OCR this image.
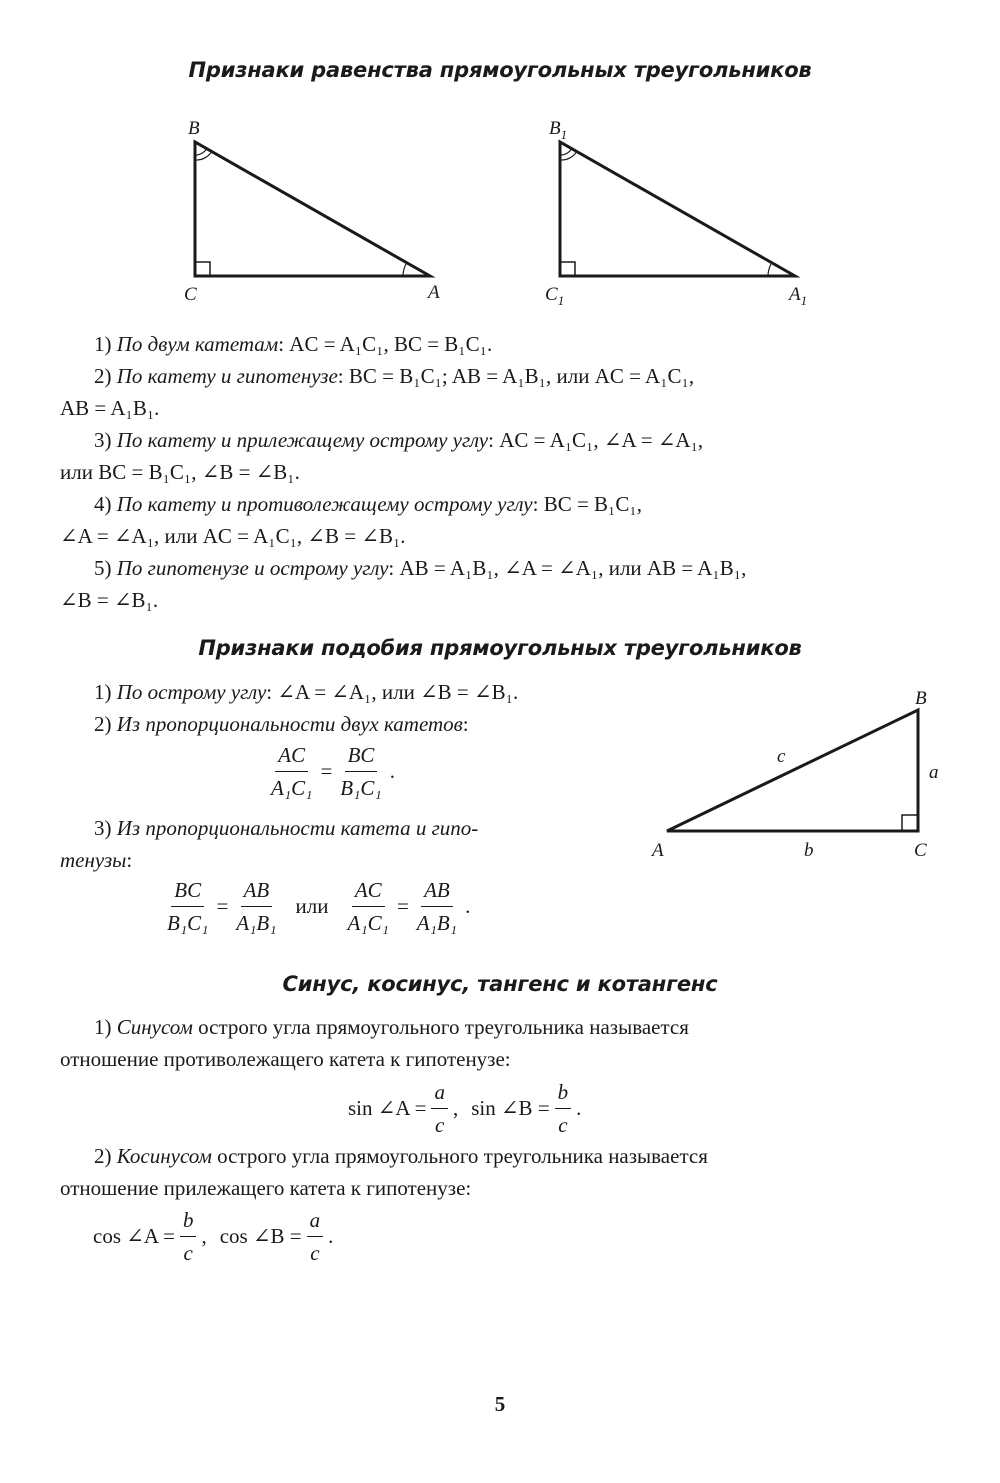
Признаки равенства прямоугольных треугольников
B
C	A
$B_1$
$C_1$	$A_1$
1) По двум катетам: AC = A₁C₁, BC = B₁C₁.
2) По катету и гипотенузе: BC = B₁C₁; AB = A₁B₁, или AC = A₁C₁,
AB = A₁B₁.
3) По катету и прилежащему острому углу: AC = A₁C₁, ∠A = ∠A₁,
или BC = B₁C₁, ∠B = ∠B₁.
4) По катету и противолежащему острому углу: BC = B₁C₁,
∠A = ∠A₁, или AC = A₁C₁, ∠B = ∠B₁.
5) По гипотенузе и острому углу: AB = A₁B₁, ∠A = ∠A₁, или AB = A₁B₁,
∠B = ∠B₁.
Признаки подобия прямоугольных треугольников
1) По острому углу: ∠A = ∠A₁, или ∠B = ∠B₁.
2) Из пропорциональности двух катетов:
$\frac{AC}{\text{A₁C₁}} = \frac{BC}{\text{B₁C₁}}$ .
3) Из пропорциональности катета и гипо-
тенузы:
$\frac{BC}{\text{B₁C₁}} = \frac{AB}{\text{A₁B₁}}$ или $\frac{AC}{\text{A₁C₁}} = \frac{AB}{\text{A₁B₁}}$ .
B
A	C
a
b
c
Синус, косинус, тангенс и котангенс
1) Синусом острого угла прямоугольного треугольника называется
отношение противолежащего катета к гипотенузе:
sin ∠A = $\frac{a}{c}$ , sin ∠B = $\frac{b}{c}$ .
2) Косинусом острого угла прямоугольного треугольника называется
отношение прилежащего катета к гипотенузе:
cos ∠A = $\frac{b}{c}$ , cos ∠B = $\frac{a}{c}$ .
5
